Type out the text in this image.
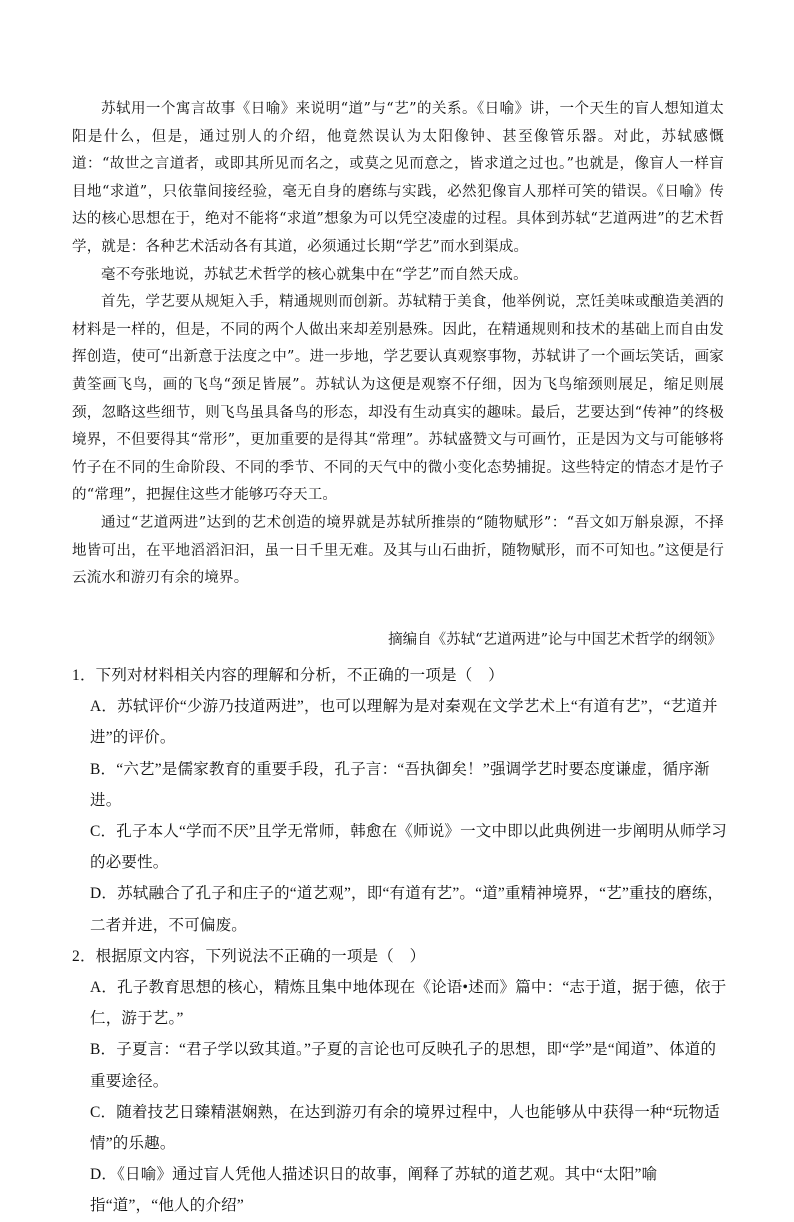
苏轼用一个寓言故事《日喻》来说明“道”与“艺”的关系。《日喻》讲，一个天生的盲人想知道太阳是什么，但是，通过别人的介绍，他竟然误认为太阳像钟、甚至像管乐器。对此，苏轼感慨道：“故世之言道者，或即其所见而名之，或莫之见而意之，皆求道之过也。”也就是，像盲人一样盲目地“求道”，只依靠间接经验，毫无自身的磨练与实践，必然犯像盲人那样可笑的错误。《日喻》传达的核心思想在于，绝对不能将“求道”想象为可以凭空凌虚的过程。具体到苏轼“艺道两进”的艺术哲学，就是：各种艺术活动各有其道，必须通过长期“学艺”而水到渠成。

毫不夸张地说，苏轼艺术哲学的核心就集中在“学艺”而自然天成。

首先，学艺要从规矩入手，精通规则而创新。苏轼精于美食，他举例说，烹饪美味或酿造美酒的材料是一样的，但是，不同的两个人做出来却差别悬殊。因此，在精通规则和技术的基础上而自由发挥创造，使可“出新意于法度之中”。进一步地，学艺要认真观察事物，苏轼讲了一个画坛笑话，画家黄筌画飞鸟，画的飞鸟“颈足皆展”。苏轼认为这便是观察不仔细，因为飞鸟缩颈则展足，缩足则展颈，忽略这些细节，则飞鸟虽具备鸟的形态，却没有生动真实的趣味。最后，艺要达到“传神”的终极境界，不但要得其“常形”，更加重要的是得其“常理”。苏轼盛赞文与可画竹，正是因为文与可能够将竹子在不同的生命阶段、不同的季节、不同的天气中的微小变化态势捕捉。这些特定的情态才是竹子的“常理”，把握住这些才能够巧夺天工。

通过“艺道两进”达到的艺术创造的境界就是苏轼所推崇的“随物赋形”：“吾文如万斛泉源，不择地皆可出，在平地滔滔汩汩，虽一日千里无难。及其与山石曲折，随物赋形，而不可知也。”这便是行云流水和游刃有余的境界。

摘编自《苏轼“艺道两进”论与中国艺术哲学的纲领》

1．下列对材料相关内容的理解和分析，不正确的一项是（　）

A．苏轼评价“少游乃技道两进”，也可以理解为是对秦观在文学艺术上“有道有艺”，“艺道并进”的评价。
B．“六艺”是儒家教育的重要手段，孔子言：“吾执御矣！”强调学艺时要态度谦虚，循序渐进。
C．孔子本人“学而不厌”且学无常师，韩愈在《师说》一文中即以此典例进一步阐明从师学习的必要性。
D．苏轼融合了孔子和庄子的“道艺观”，即“有道有艺”。“道”重精神境界，“艺”重技的磨练，二者并进，不可偏废。

2．根据原文内容，下列说法不正确的一项是（　）

A．孔子教育思想的核心，精炼且集中地体现在《论语•述而》篇中：“志于道，据于德，依于仁，游于艺。”
B．子夏言：“君子学以致其道。”子夏的言论也可反映孔子的思想，即“学”是“闻道”、体道的重要途径。
C．随着技艺日臻精湛娴熟，在达到游刃有余的境界过程中，人也能够从中获得一种“玩物适情”的乐趣。
D．《日喻》通过盲人凭他人描述识日的故事，阐释了苏轼的道艺观。其中“太阳”喻指“道”，“他人的介绍”
